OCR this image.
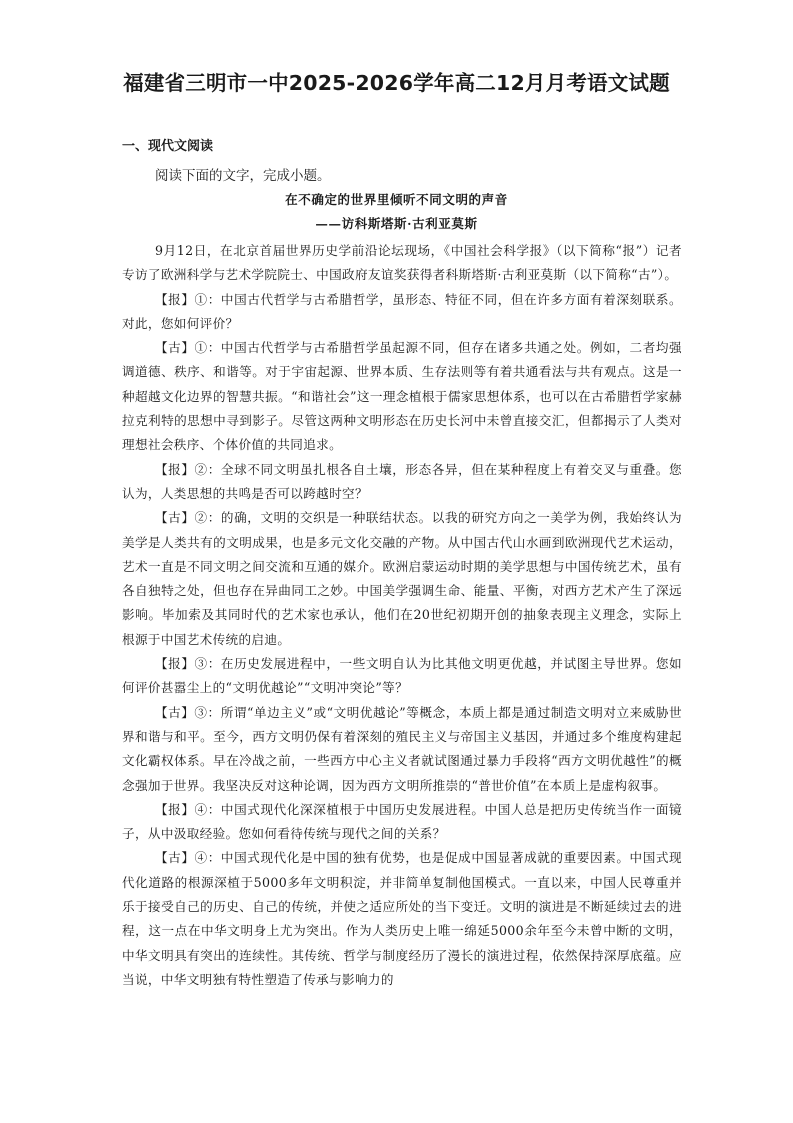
福建省三明市一中2025-2026学年高二12月月考语文试题
一、现代文阅读
阅读下面的文字，完成小题。
在不确定的世界里倾听不同文明的声音
——访科斯塔斯·古利亚莫斯

9月12日，在北京首届世界历史学前沿论坛现场，《中国社会科学报》（以下简称“报”）记者专访了欧洲科学与艺术学院院士、中国政府友谊奖获得者科斯塔斯·古利亚莫斯（以下简称“古”）。

【报】①：中国古代哲学与古希腊哲学，虽形态、特征不同，但在许多方面有着深刻联系。对此，您如何评价？

【古】①：中国古代哲学与古希腊哲学虽起源不同，但存在诸多共通之处。例如，二者均强调道德、秩序、和谐等。对于宇宙起源、世界本质、生存法则等有着共通看法与共有观点。这是一种超越文化边界的智慧共振。“和谐社会”这一理念植根于儒家思想体系，也可以在古希腊哲学家赫拉克利特的思想中寻到影子。尽管这两种文明形态在历史长河中未曾直接交汇，但都揭示了人类对理想社会秩序、个体价值的共同追求。

【报】②：全球不同文明虽扎根各自土壤，形态各异，但在某种程度上有着交叉与重叠。您认为，人类思想的共鸣是否可以跨越时空？

【古】②：的确，文明的交织是一种联结状态。以我的研究方向之一美学为例，我始终认为美学是人类共有的文明成果，也是多元文化交融的产物。从中国古代山水画到欧洲现代艺术运动，艺术一直是不同文明之间交流和互通的媒介。欧洲启蒙运动时期的美学思想与中国传统艺术，虽有各自独特之处，但也存在异曲同工之妙。中国美学强调生命、能量、平衡，对西方艺术产生了深远影响。毕加索及其同时代的艺术家也承认，他们在20世纪初期开创的抽象表现主义理念，实际上根源于中国艺术传统的启迪。

【报】③：在历史发展进程中，一些文明自认为比其他文明更优越，并试图主导世界。您如何评价甚嚣尘上的“文明优越论”“文明冲突论”等？

【古】③：所谓“单边主义”或“文明优越论”等概念，本质上都是通过制造文明对立来威胁世界和谐与和平。至今，西方文明仍保有着深刻的殖民主义与帝国主义基因，并通过多个维度构建起文化霸权体系。早在冷战之前，一些西方中心主义者就试图通过暴力手段将“西方文明优越性”的概念强加于世界。我坚决反对这种论调，因为西方文明所推崇的“普世价值”在本质上是虚构叙事。

【报】④：中国式现代化深深植根于中国历史发展进程。中国人总是把历史传统当作一面镜子，从中汲取经验。您如何看待传统与现代之间的关系？

【古】④：中国式现代化是中国的独有优势，也是促成中国显著成就的重要因素。中国式现代化道路的根源深植于5000多年文明积淀，并非简单复制他国模式。一直以来，中国人民尊重并乐于接受自己的历史、自己的传统，并使之适应所处的当下变迁。文明的演进是不断延续过去的进程，这一点在中华文明身上尤为突出。作为人类历史上唯一绵延5000余年至今未曾中断的文明，中华文明具有突出的连续性。其传统、哲学与制度经历了漫长的演进过程，依然保持深厚底蕴。应当说，中华文明独有特性塑造了传承与影响力的
